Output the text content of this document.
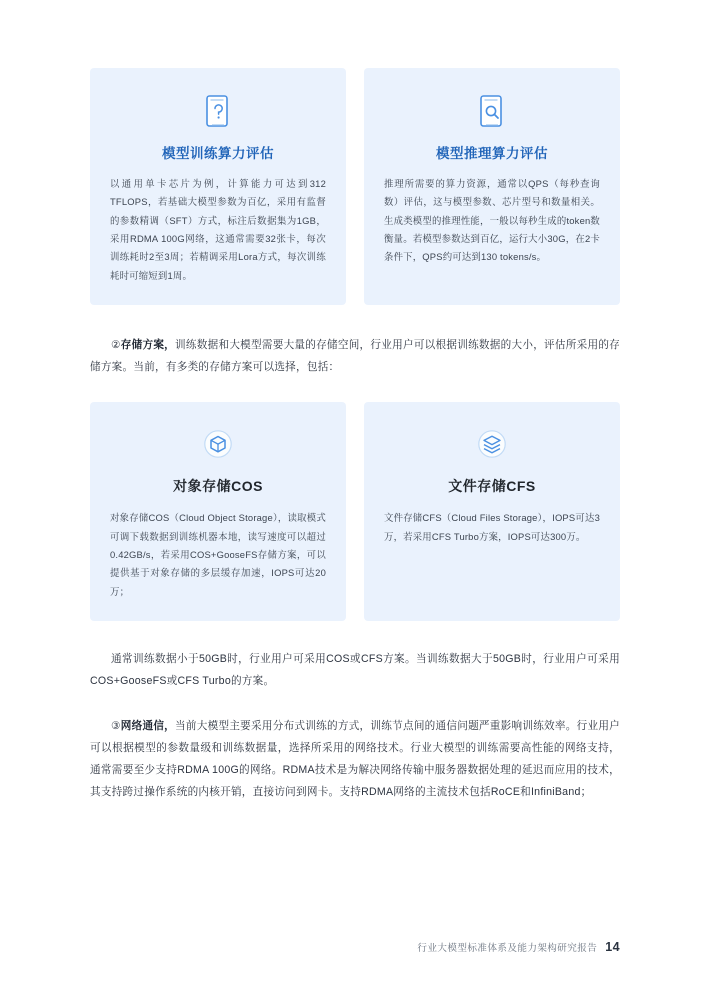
模型训练算力评估
以通用单卡芯片为例，计算能力可达到312 TFLOPS，若基础大模型参数为百亿，采用有监督的参数精调（SFT）方式，标注后数据集为1GB，采用RDMA 100G网络，这通常需要32张卡，每次训练耗时2至3周；若精调采用Lora方式，每次训练耗时可缩短到1周。
模型推理算力评估
推理所需要的算力资源，通常以QPS（每秒查询数）评估，这与模型参数、芯片型号和数量相关。生成类模型的推理性能，一般以每秒生成的token数衡量。若模型参数达到百亿，运行大小30G，在2卡条件下，QPS约可达到130 tokens/s。
②存储方案，训练数据和大模型需要大量的存储空间，行业用户可以根据训练数据的大小，评估所采用的存储方案。当前，有多类的存储方案可以选择，包括：
对象存储COS
对象存储COS（Cloud Object Storage），读取模式可调下载数据到训练机器本地，读写速度可以超过0.42GB/s，若采用COS+GooseFS存储方案，可以提供基于对象存储的多层缓存加速，IOPS可达20万；
文件存储CFS
文件存储CFS（Cloud Files Storage），IOPS可达3万，若采用CFS Turbo方案，IOPS可达300万。
通常训练数据小于50GB时，行业用户可采用COS或CFS方案。当训练数据大于50GB时，行业用户可采用COS+GooseFS或CFS Turbo的方案。
③网络通信，当前大模型主要采用分布式训练的方式，训练节点间的通信问题严重影响训练效率。行业用户可以根据模型的参数量级和训练数据量，选择所采用的网络技术。行业大模型的训练需要高性能的网络支持，通常需要至少支持RDMA 100G的网络。RDMA技术是为解决网络传输中服务器数据处理的延迟而应用的技术，其支持跨过操作系统的内核开销，直接访问到网卡。支持RDMA网络的主流技术包括RoCE和InfiniBand；
行业大模型标准体系及能力架构研究报告 14
